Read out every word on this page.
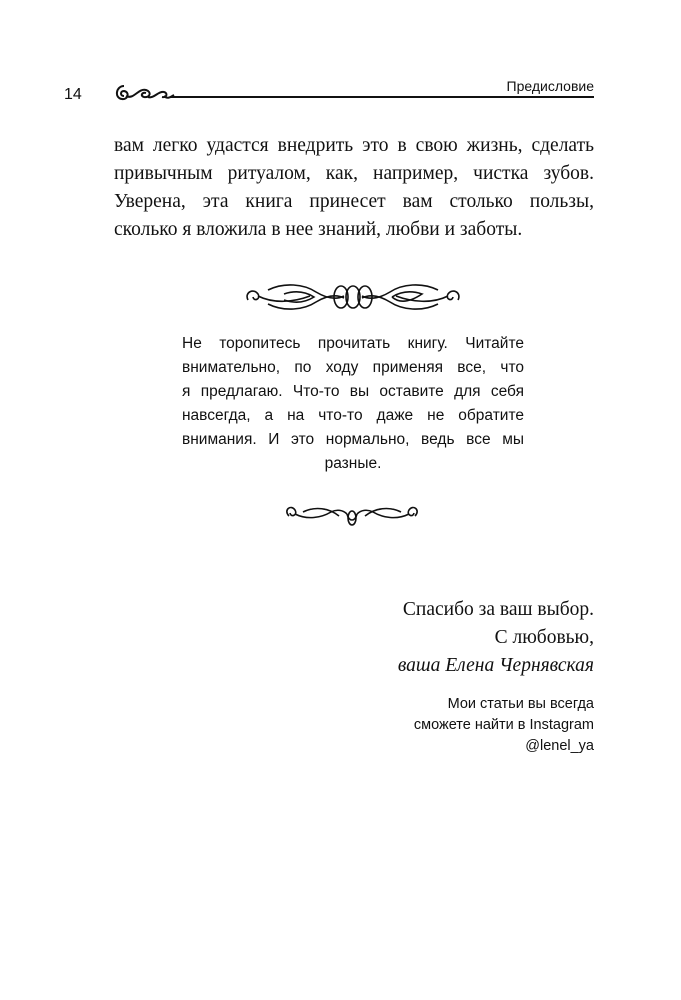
14	Предисловие
вам легко удастся внедрить это в свою жизнь, сделать
привычным ритуалом, как, например, чистка зубов.
Уверена, эта книга принесет вам столько пользы,
сколько я вложила в нее знаний, любви и заботы.
Не торопитесь прочитать книгу. Читайте
внимательно, по ходу применяя все, что
я предлагаю. Что-то вы оставите для себя
навсегда, а на что-то даже не обратите
внимания. И это нормально, ведь все мы
разные.
Спасибо за ваш выбор.
С любовью,
ваша Елена Чернявская
Мои статьи вы всегда
сможете найти в Instagram
@lenel_ya
